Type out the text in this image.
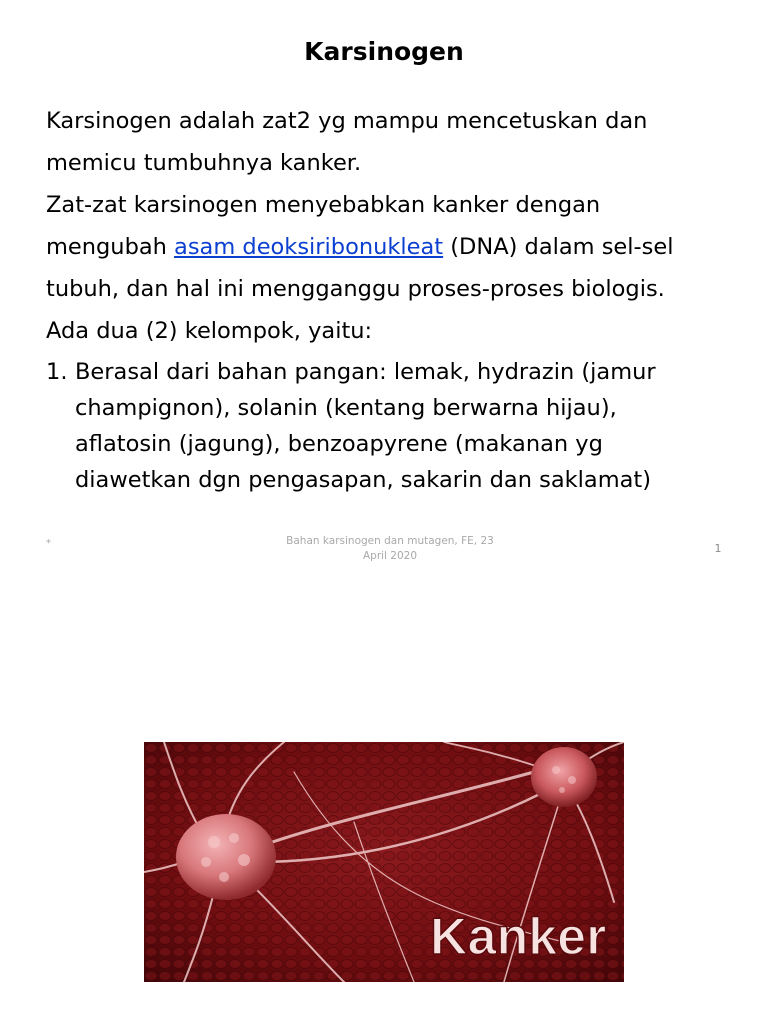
Karsinogen

Karsinogen adalah zat2 yg mampu mencetuskan dan

memicu tumbuhnya kanker.

Zat-zat karsinogen menyebabkan kanker dengan

mengubah asam deoksiribonukleat (DNA) dalam sel-sel

tubuh, dan hal ini mengganggu proses-proses biologis.

Ada dua (2) kelompok, yaitu:

1. Berasal dari bahan pangan: lemak, hydrazin (jamur
champignon), solanin (kentang berwarna hijau),
aflatosin (jagung), benzoapyrene (makanan yg
diawetkan dgn pengasapan, sakarin dan saklamat)
*	Bahan karsinogen dan mutagen, FE, 23
April 2020
1
Kanker
